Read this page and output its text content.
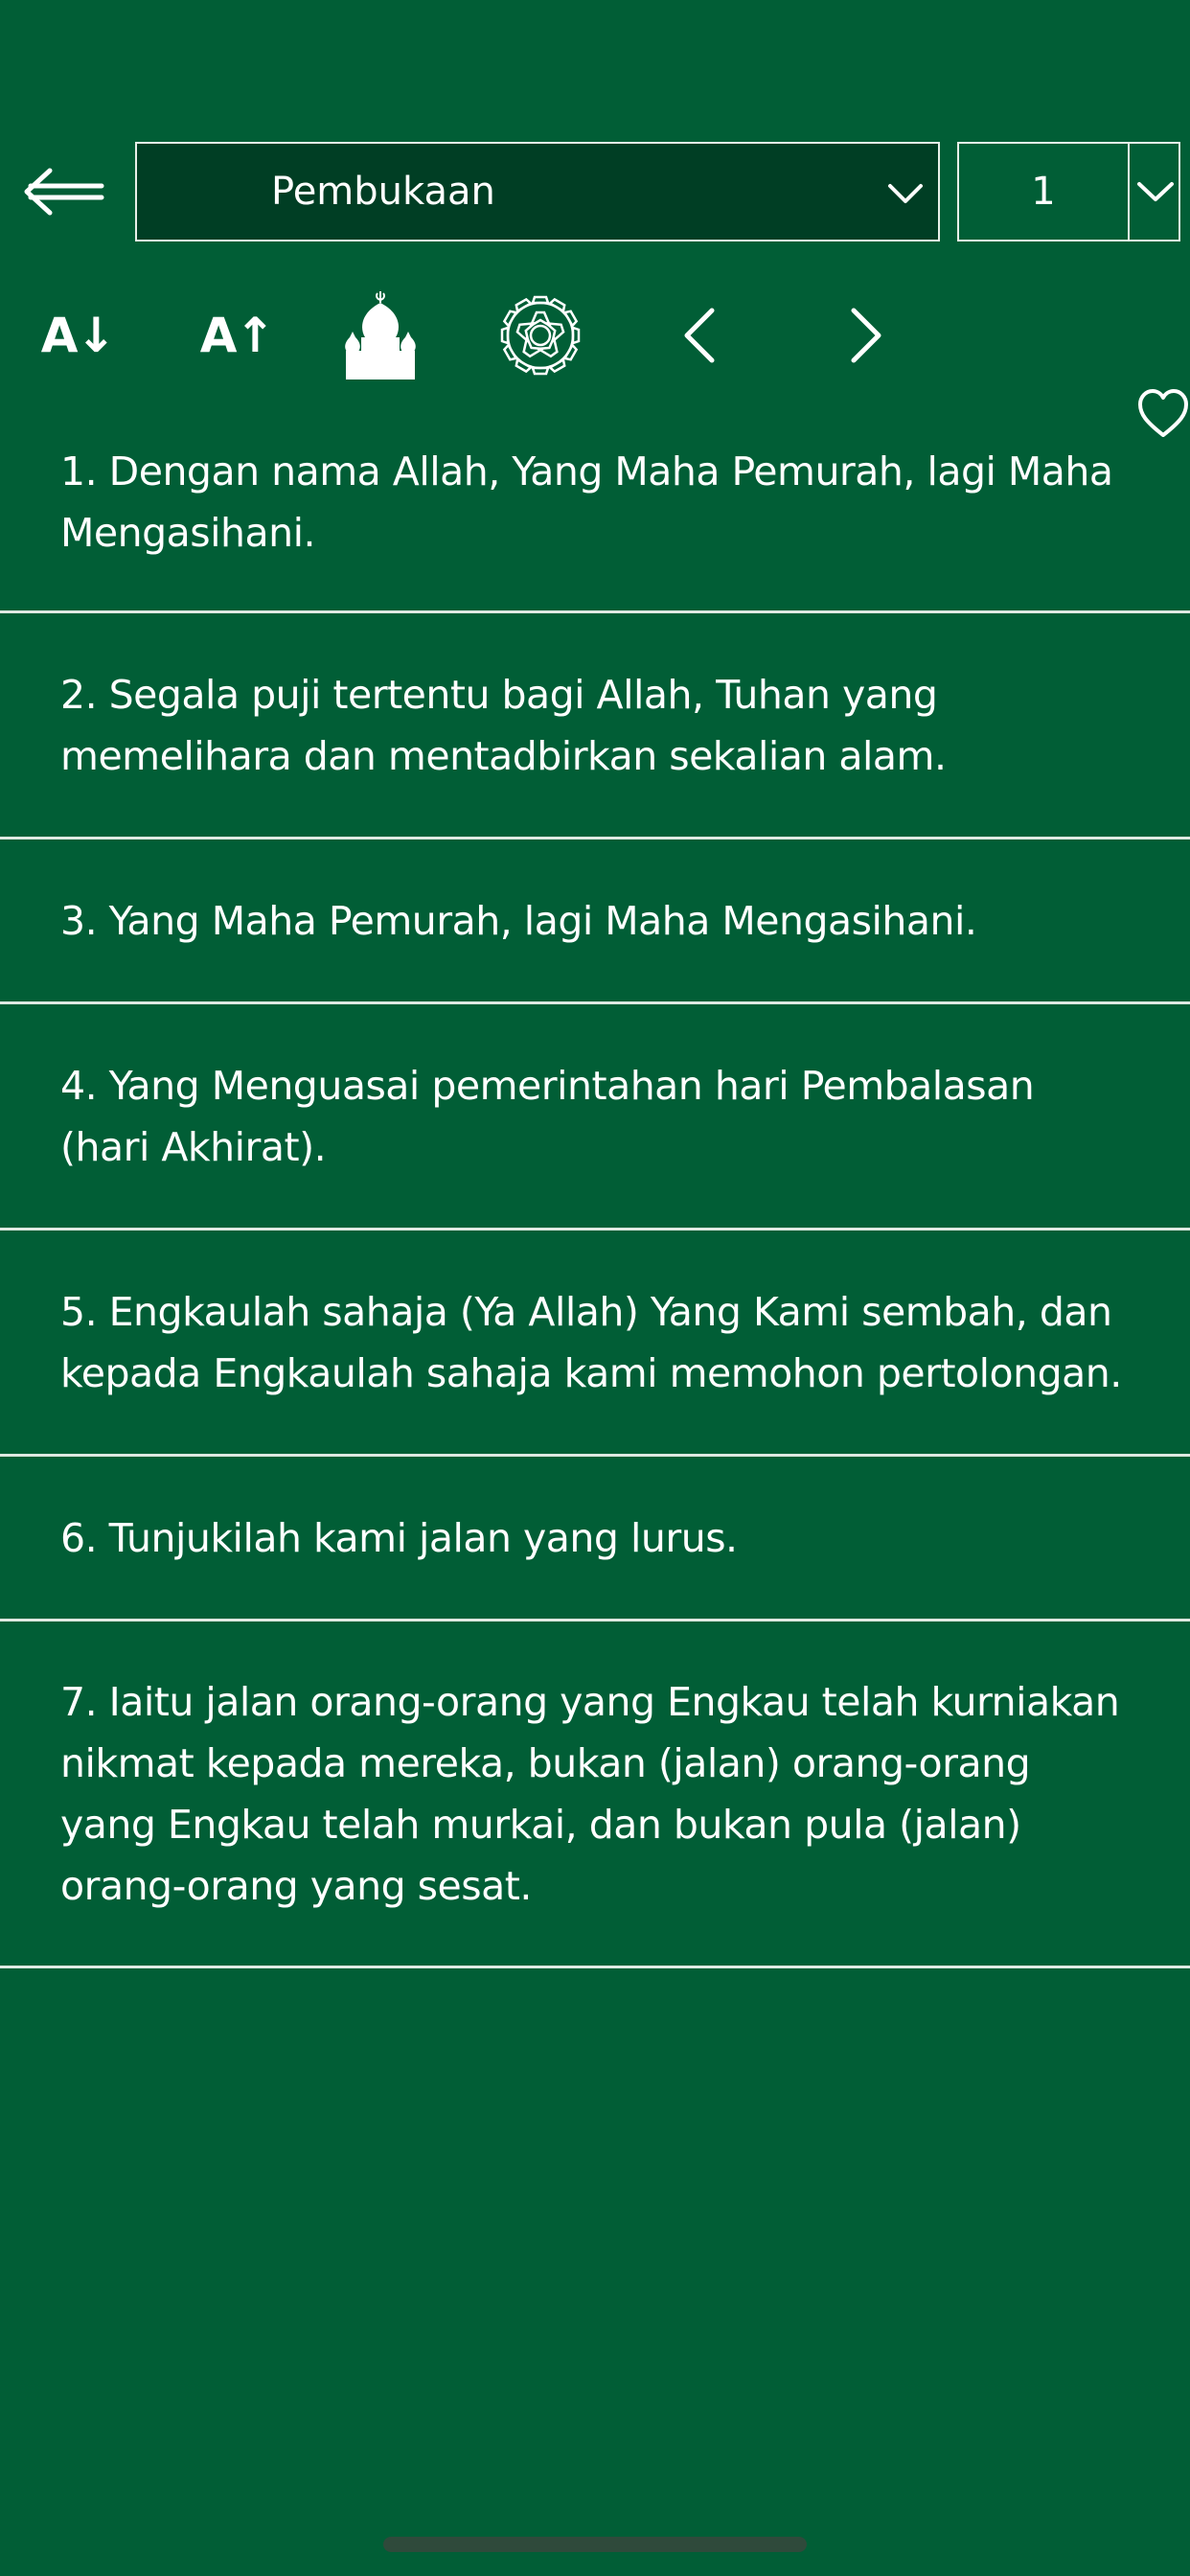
Pembukaan	1
A↓ A↑
1. Dengan nama Allah, Yang Maha Pemurah, lagi Maha Mengasihani.
2. Segala puji tertentu bagi Allah, Tuhan yang memelihara dan mentadbirkan sekalian alam.
3. Yang Maha Pemurah, lagi Maha Mengasihani.
4. Yang Menguasai pemerintahan hari Pembalasan (hari Akhirat).
5. Engkaulah sahaja (Ya Allah) Yang Kami sembah, dan kepada Engkaulah sahaja kami memohon pertolongan.
6. Tunjukilah kami jalan yang lurus.
7. Iaitu jalan orang-orang yang Engkau telah kurniakan nikmat kepada mereka, bukan (jalan) orang-orang yang Engkau telah murkai, dan bukan pula (jalan) orang-orang yang sesat.
